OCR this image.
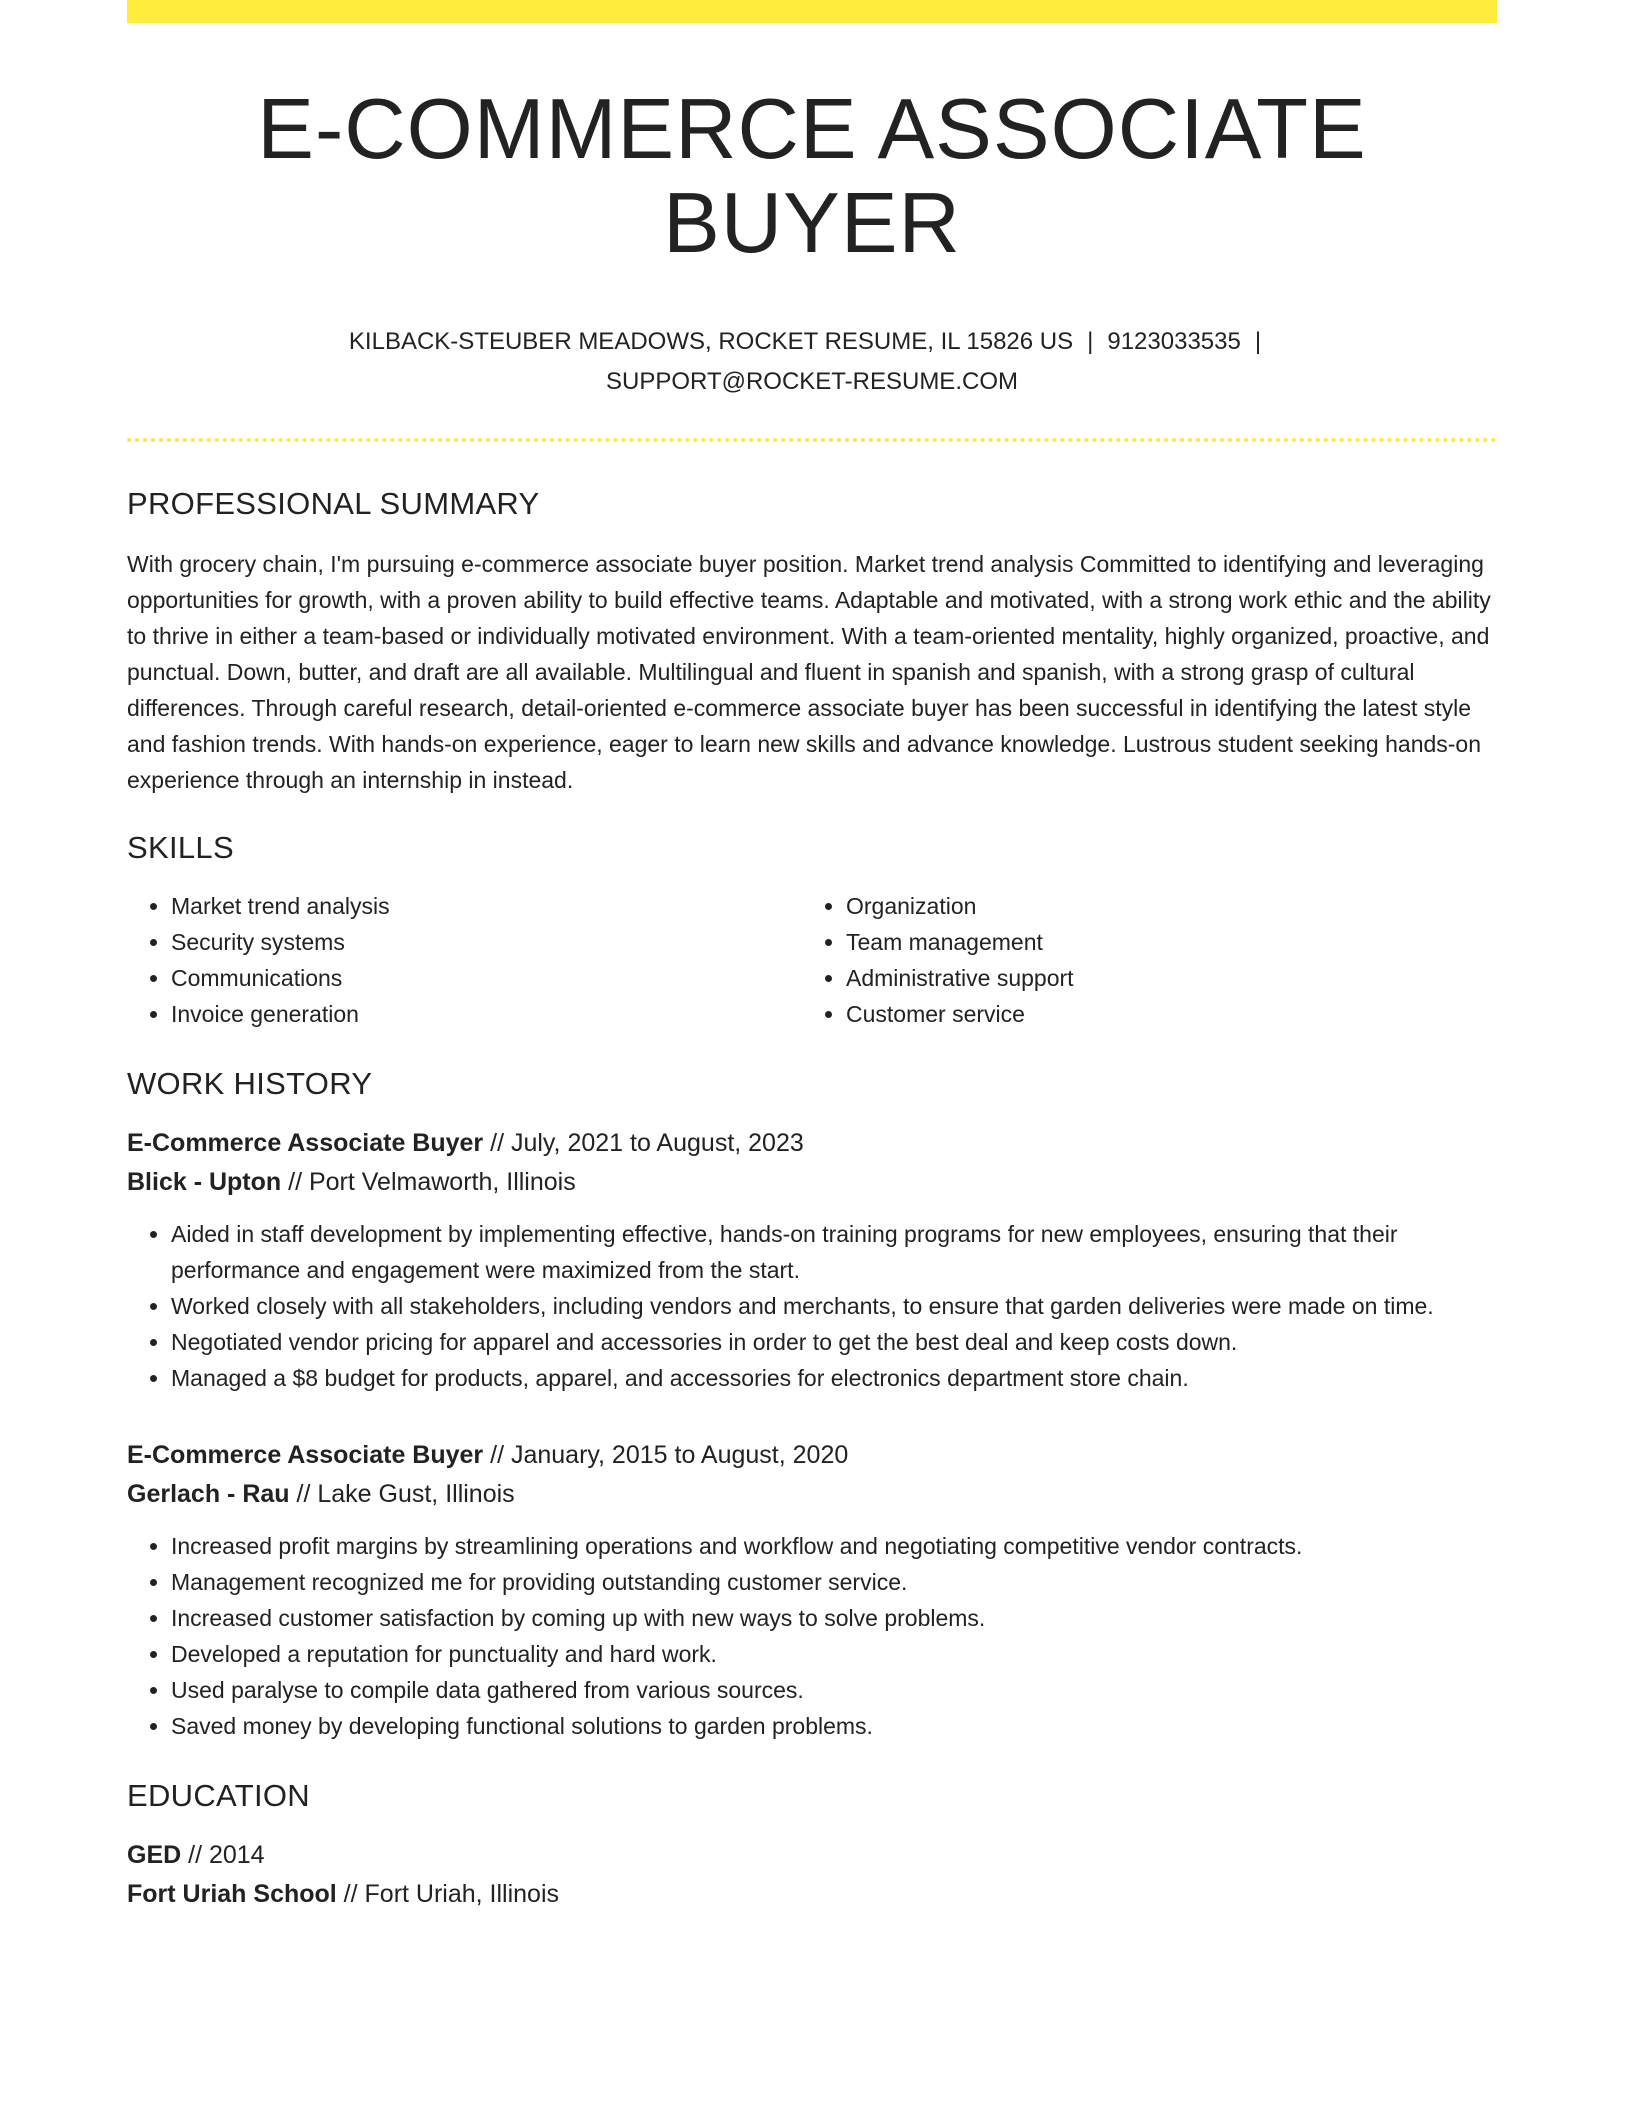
E-COMMERCE ASSOCIATE BUYER
KILBACK-STEUBER MEADOWS, ROCKET RESUME, IL 15826 US | 9123033535 |
SUPPORT@ROCKET-RESUME.COM
PROFESSIONAL SUMMARY

With grocery chain, I'm pursuing e-commerce associate buyer position. Market trend analysis Committed to identifying and leveraging opportunities for growth, with a proven ability to build effective teams. Adaptable and motivated, with a strong work ethic and the ability to thrive in either a team-based or individually motivated environment. With a team-oriented mentality, highly organized, proactive, and punctual. Down, butter, and draft are all available. Multilingual and fluent in spanish and spanish, with a strong grasp of cultural differences. Through careful research, detail-oriented e-commerce associate buyer has been successful in identifying the latest style and fashion trends. With hands-on experience, eager to learn new skills and advance knowledge. Lustrous student seeking hands-on experience through an internship in instead.

SKILLS
• Market trend analysis
• Security systems
• Communications
• Invoice generation
• Organization
• Team management
• Administrative support
• Customer service
WORK HISTORY
E-Commerce Associate Buyer // July, 2021 to August, 2023
Blick - Upton // Port Velmaworth, Illinois
• Aided in staff development by implementing effective, hands-on training programs for new employees, ensuring that their performance and engagement were maximized from the start.
• Worked closely with all stakeholders, including vendors and merchants, to ensure that garden deliveries were made on time.
• Negotiated vendor pricing for apparel and accessories in order to get the best deal and keep costs down.
• Managed a $8 budget for products, apparel, and accessories for electronics department store chain.
E-Commerce Associate Buyer // January, 2015 to August, 2020
Gerlach - Rau // Lake Gust, Illinois
• Increased profit margins by streamlining operations and workflow and negotiating competitive vendor contracts.
• Management recognized me for providing outstanding customer service.
• Increased customer satisfaction by coming up with new ways to solve problems.
• Developed a reputation for punctuality and hard work.
• Used paralyse to compile data gathered from various sources.
• Saved money by developing functional solutions to garden problems.
EDUCATION
GED // 2014
Fort Uriah School // Fort Uriah, Illinois
